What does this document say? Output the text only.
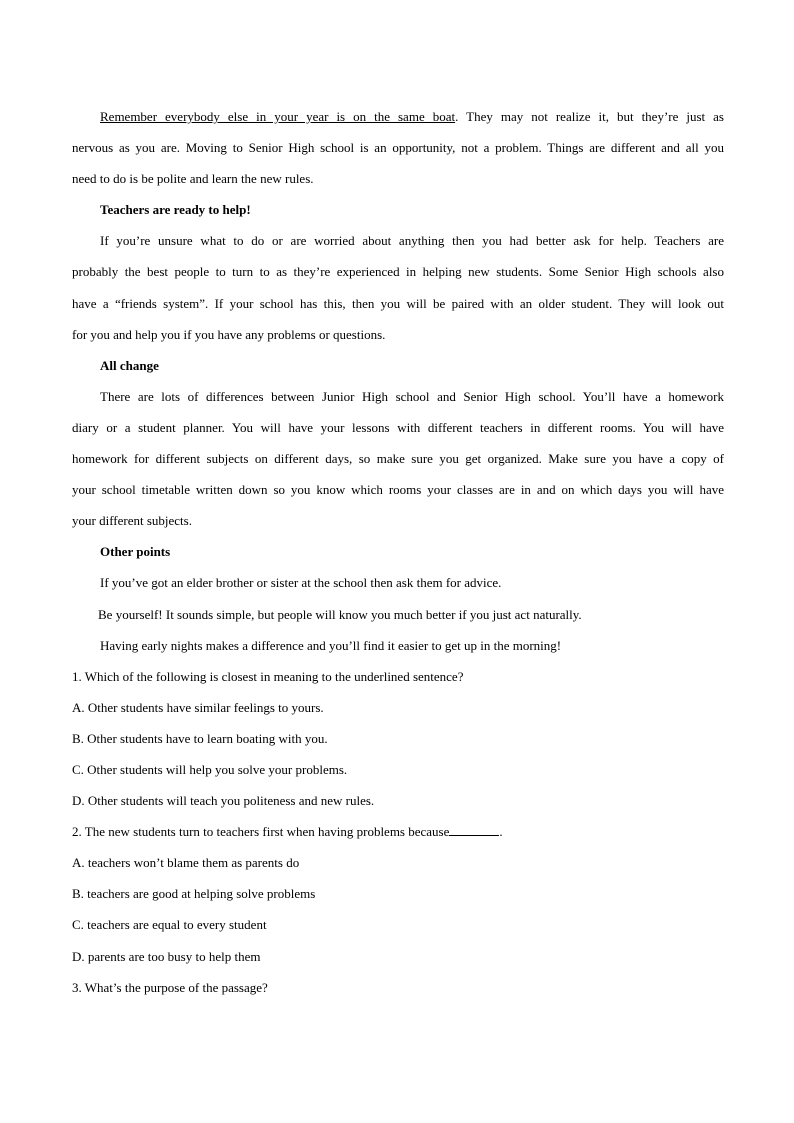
Remember everybody else in your year is on the same boat. They may not realize it, but they’re just as
nervous as you are. Moving to Senior High school is an opportunity, not a problem. Things are different and all you
need to do is be polite and learn the new rules.
Teachers are ready to help!
If you’re unsure what to do or are worried about anything then you had better ask for help. Teachers are
probably the best people to turn to as they’re experienced in helping new students. Some Senior High schools also
have a “friends system”. If your school has this, then you will be paired with an older student. They will look out
for you and help you if you have any problems or questions.
All change
There are lots of differences between Junior High school and Senior High school. You’ll have a homework
diary or a student planner. You will have your lessons with different teachers in different rooms. You will have
homework for different subjects on different days, so make sure you get organized. Make sure you have a copy of
your school timetable written down so you know which rooms your classes are in and on which days you will have
your different subjects.
Other points
If you’ve got an elder brother or sister at the school then ask them for advice.
Be yourself! It sounds simple, but people will know you much better if you just act naturally.
Having early nights makes a difference and you’ll find it easier to get up in the morning!
1. Which of the following is closest in meaning to the underlined sentence?
A. Other students have similar feelings to yours.
B. Other students have to learn boating with you.
C. Other students will help you solve your problems.
D. Other students will teach you politeness and new rules.
2. The new students turn to teachers first when having problems because	.
A. teachers won’t blame them as parents do
B. teachers are good at helping solve problems
C. teachers are equal to every student
D. parents are too busy to help them
3. What’s the purpose of the passage?
